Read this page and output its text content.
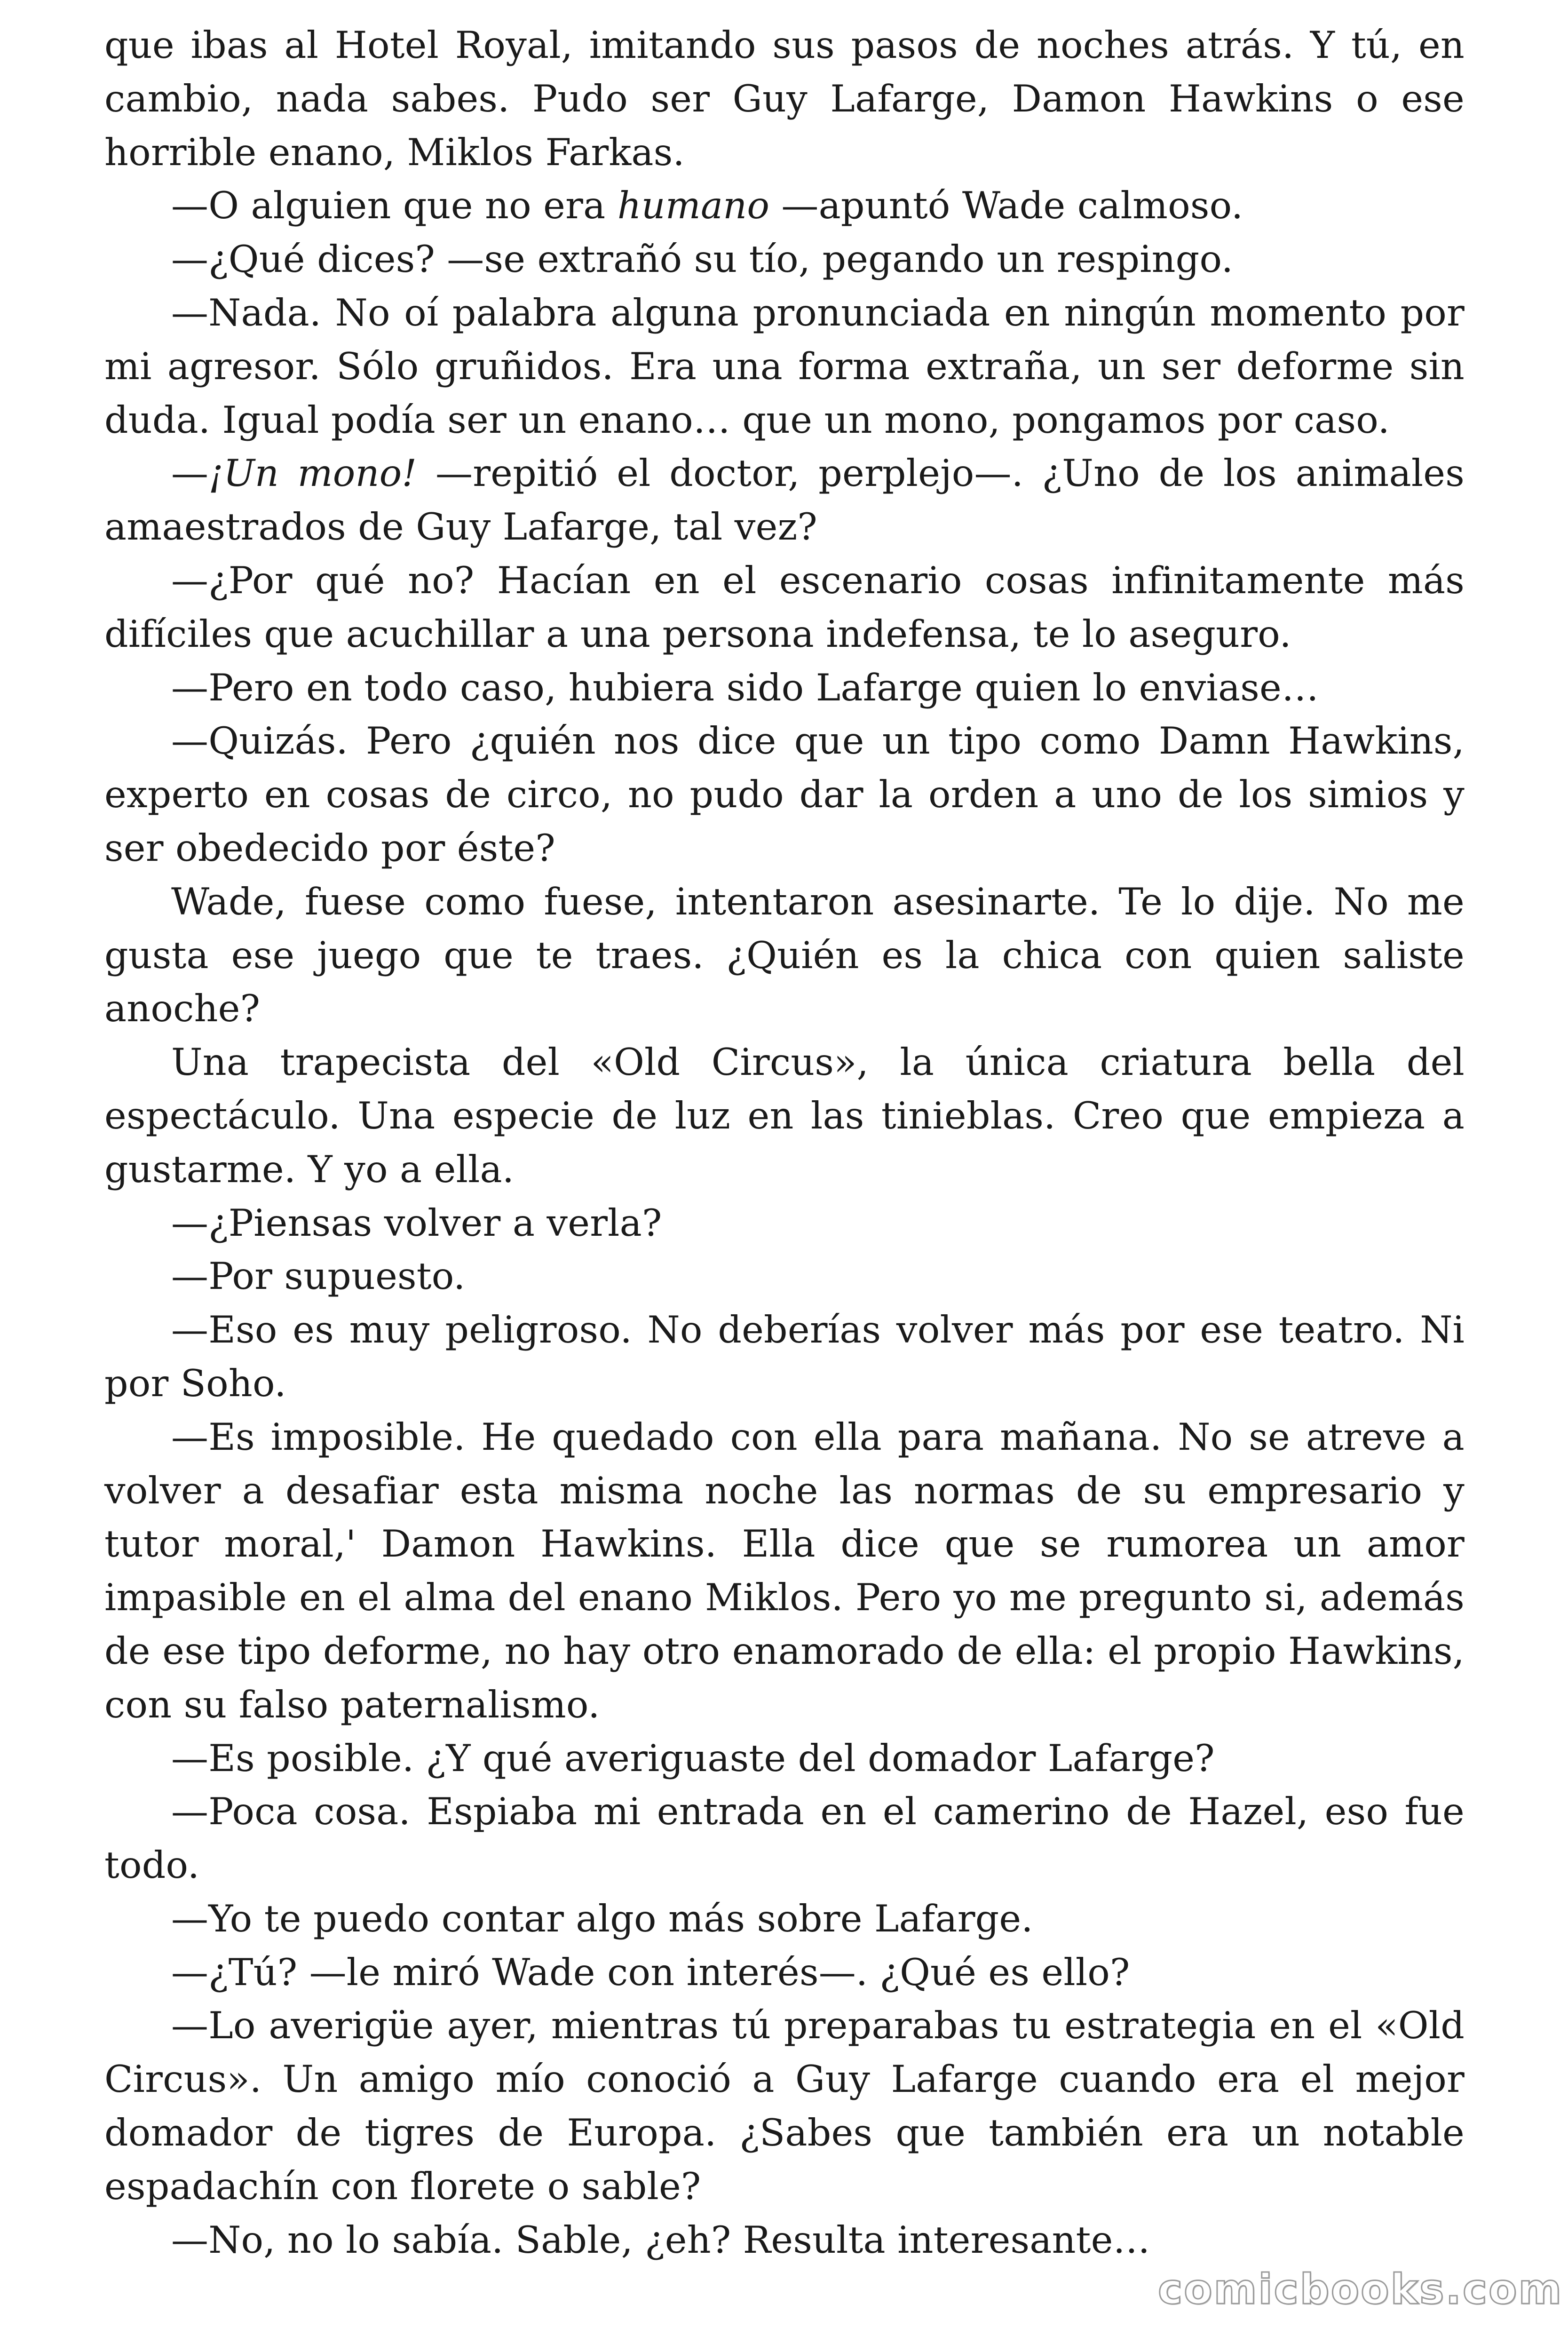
que ibas al Hotel Royal, imitando sus pasos de noches atrás. Y tú, en cambio, nada sabes. Pudo ser Guy Lafarge, Damon Hawkins o ese horrible enano, Miklos Farkas.

—O alguien que no era humano —apuntó Wade calmoso.

—¿Qué dices? —se extrañó su tío, pegando un respingo.

—Nada. No oí palabra alguna pronunciada en ningún momento por mi agresor. Sólo gruñidos. Era una forma extraña, un ser deforme sin duda. Igual podía ser un enano… que un mono, pongamos por caso.

—¡Un mono! —repitió el doctor, perplejo—. ¿Uno de los animales amaestrados de Guy Lafarge, tal vez?

—¿Por qué no? Hacían en el escenario cosas infinitamente más difíciles que acuchillar a una persona indefensa, te lo aseguro.

—Pero en todo caso, hubiera sido Lafarge quien lo enviase…

—Quizás. Pero ¿quién nos dice que un tipo como Damn Hawkins, experto en cosas de circo, no pudo dar la orden a uno de los simios y ser obedecido por éste?

Wade, fuese como fuese, intentaron asesinarte. Te lo dije. No me gusta ese juego que te traes. ¿Quién es la chica con quien saliste anoche?

Una trapecista del «Old Circus», la única criatura bella del espectáculo. Una especie de luz en las tinieblas. Creo que empieza a gustarme. Y yo a ella.

—¿Piensas volver a verla?

—Por supuesto.

—Eso es muy peligroso. No deberías volver más por ese teatro. Ni por Soho.

—Es imposible. He quedado con ella para mañana. No se atreve a volver a desafiar esta misma noche las normas de su empresario y tutor moral,' Damon Hawkins. Ella dice que se rumorea un amor impasible en el alma del enano Miklos. Pero yo me pregunto si, además de ese tipo deforme, no hay otro enamorado de ella: el propio Hawkins, con su falso paternalismo.

—Es posible. ¿Y qué averiguaste del domador Lafarge?

—Poca cosa. Espiaba mi entrada en el camerino de Hazel, eso fue todo.

—Yo te puedo contar algo más sobre Lafarge.

—¿Tú? —le miró Wade con interés—. ¿Qué es ello?

—Lo averigüe ayer, mientras tú preparabas tu estrategia en el «Old Circus». Un amigo mío conoció a Guy Lafarge cuando era el mejor domador de tigres de Europa. ¿Sabes que también era un notable espadachín con florete o sable?

—No, no lo sabía. Sable, ¿eh? Resulta interesante…

comicbooks.com
